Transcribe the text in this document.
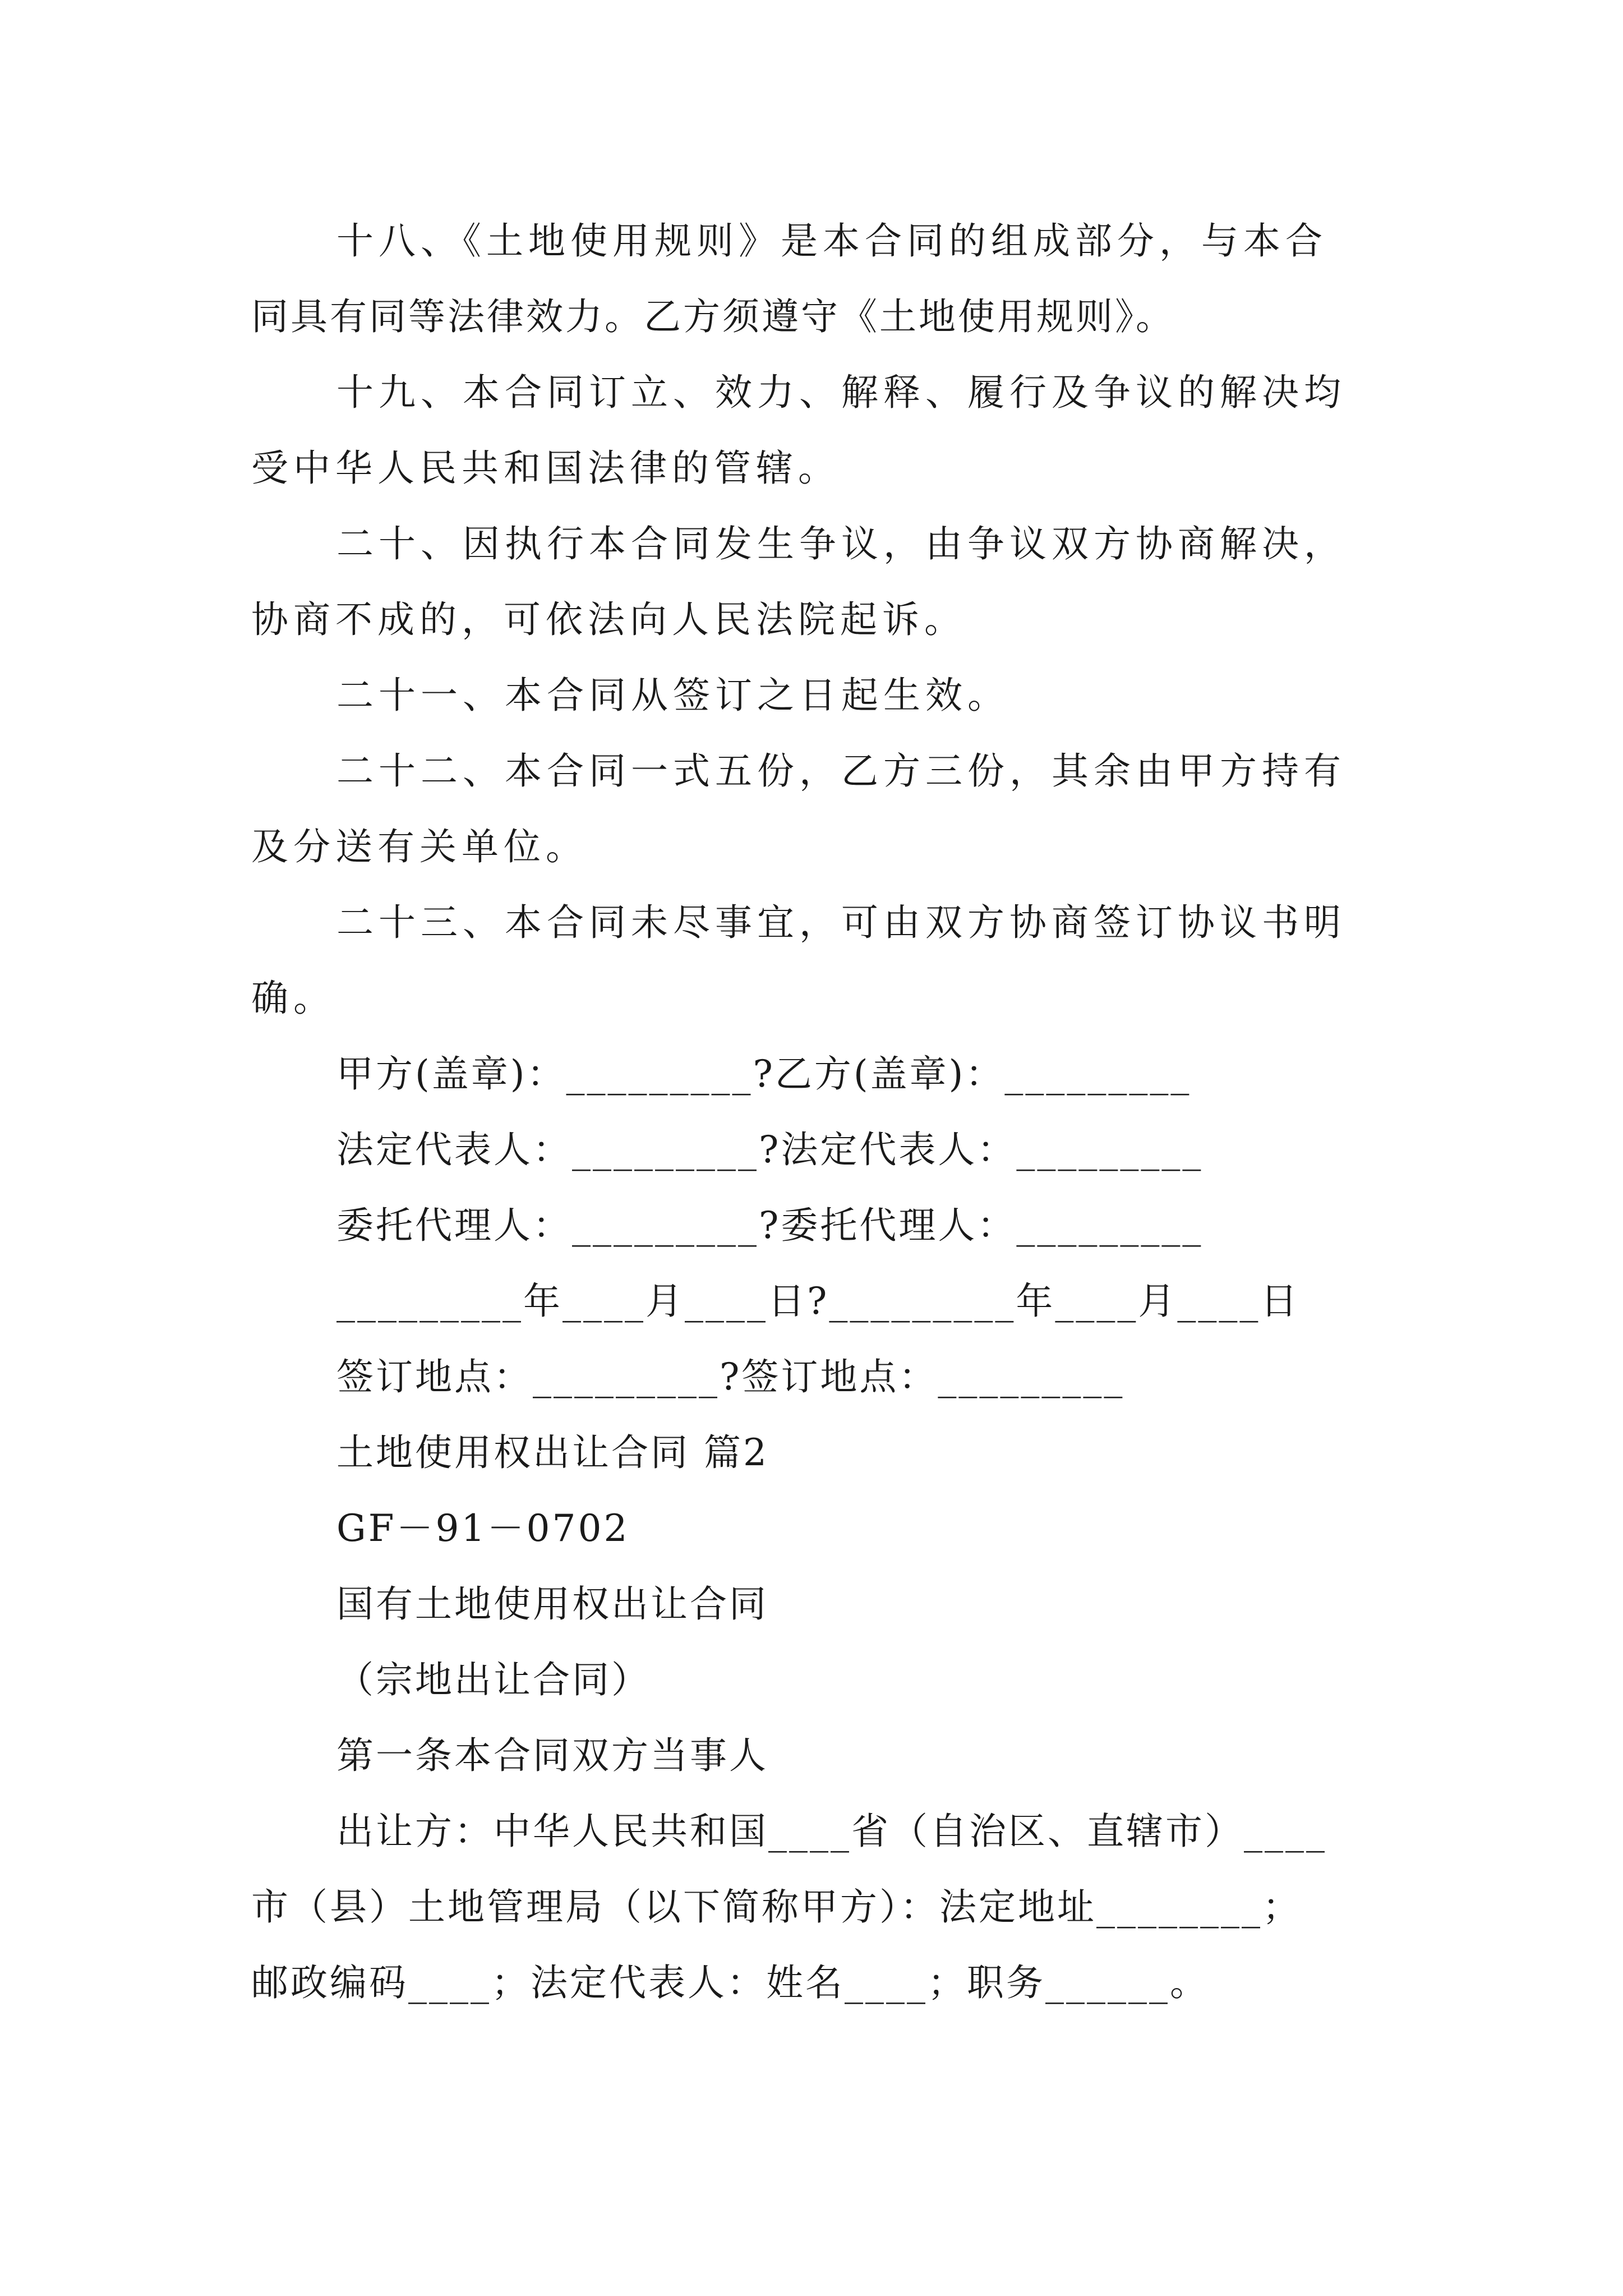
十八、《土地使用规则》是本合同的组成部分，与本合
同具有同等法律效力。乙方须遵守《土地使用规则》。
十九、本合同订立、效力、解释、履行及争议的解决均
受中华人民共和国法律的管辖。
二十、因执行本合同发生争议，由争议双方协商解决，
协商不成的，可依法向人民法院起诉。
二十一、本合同从签订之日起生效。
二十二、本合同一式五份，乙方三份，其余由甲方持有
及分送有关单位。
二十三、本合同未尽事宜，可由双方协商签订协议书明
确。
甲方(盖章)：_________?乙方(盖章)：_________
法定代表人：_________?法定代表人：_________
委托代理人：_________?委托代理人：_________
_________年____月____日?_________年____月____日
签订地点：_________?签订地点：_________
土地使用权出让合同 篇2
GF－91－0702
国有土地使用权出让合同
（宗地出让合同）
第一条本合同双方当事人
出让方：中华人民共和国____省（自治区、直辖市）____
市（县）土地管理局（以下简称甲方）：法定地址________；
邮政编码____；法定代表人：姓名____；职务______。
